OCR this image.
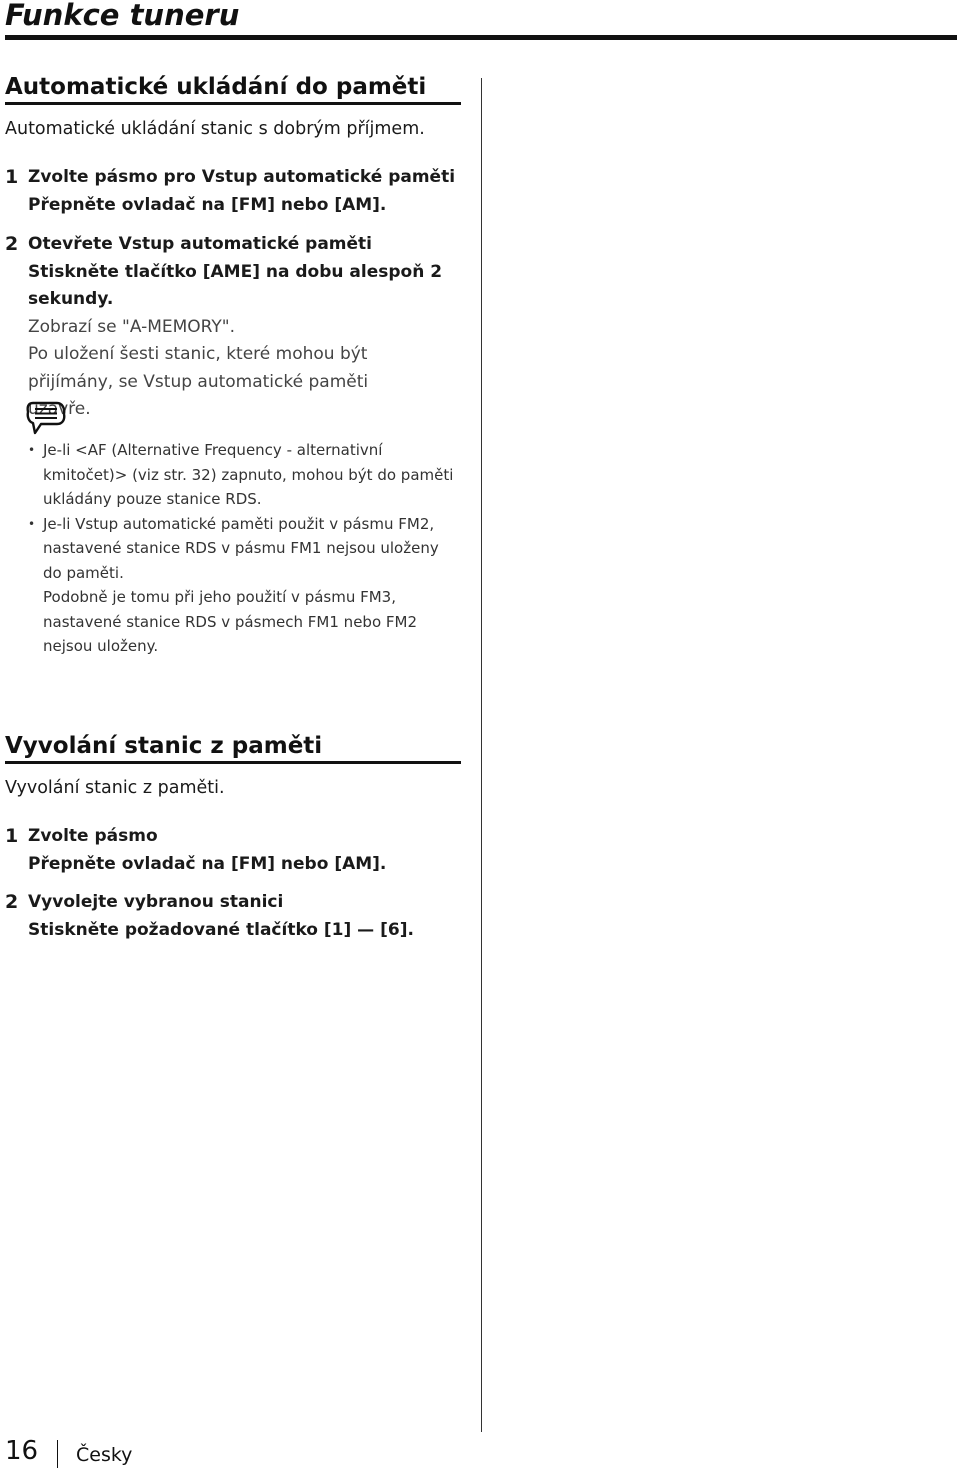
Funkce tuneru
Automatické ukládání do paměti

Automatické ukládání stanic s dobrým příjmem.

1 Zvolte pásmo pro Vstup automatické paměti
Přepněte ovladač na [FM] nebo [AM].
2 Otevřete Vstup automatické paměti
Stiskněte tlačítko [AME] na dobu alespoň 2 sekundy.
Zobrazí se "A-MEMORY".
Po uložení šesti stanic, které mohou být přijímány, se Vstup automatické paměti uzavře.
• Je-li <AF (Alternative Frequency - alternativní kmitočet)> (viz str. 32) zapnuto, mohou být do paměti ukládány pouze stanice RDS.
• Je-li Vstup automatické paměti použit v pásmu FM2, nastavené stanice RDS v pásmu FM1 nejsou uloženy do paměti.
Podobně je tomu při jeho použití v pásmu FM3, nastavené stanice RDS v pásmech FM1 nebo FM2 nejsou uloženy.
Vyvolání stanic z paměti

Vyvolání stanic z paměti.

1 Zvolte pásmo
Přepněte ovladač na [FM] nebo [AM].
2 Vyvolejte vybranou stanici
Stiskněte požadované tlačítko [1] — [6].
16 Česky
